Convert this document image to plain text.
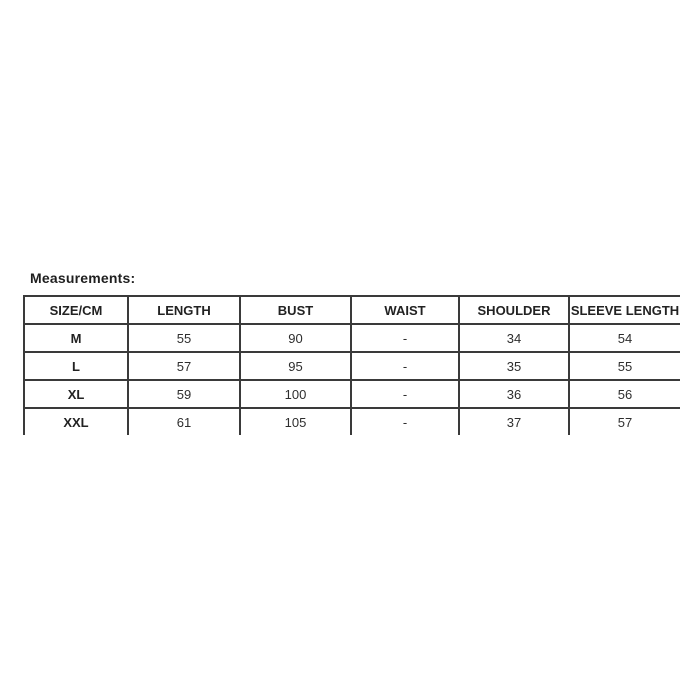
Measurements:
SIZE/CM	LENGTH	BUST	WAIST	SHOULDER	SLEEVE LENGTH
M	55	90	-	34	54
L	57	95	-	35	55
XL	59	100	-	36	56
XXL	61	105	-	37	57
